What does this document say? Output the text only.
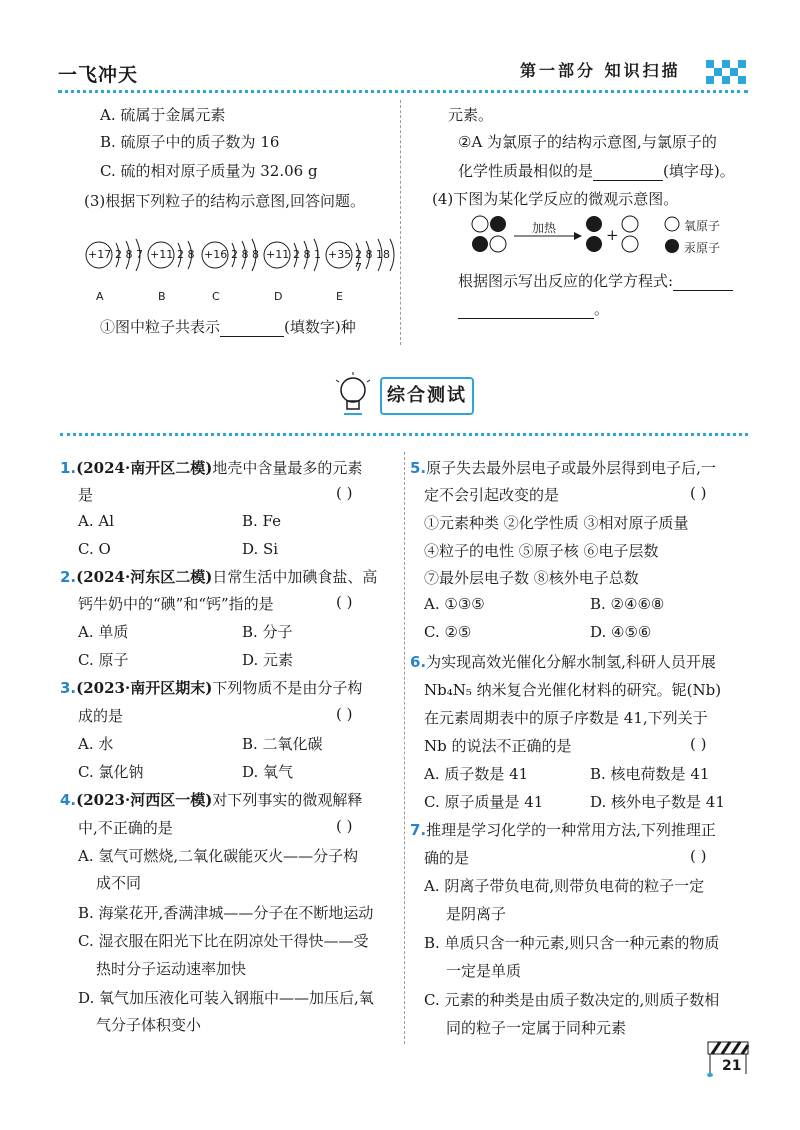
一飞冲天	第一部分 知识扫描
A. 硫属于金属元素
B. 硫原子中的质子数为 16
C. 硫的相对原子质量为 32.06 g
(3)根据下列粒子的结构示意图,回答问题。
+17 2 8 7
A
+11 2 8
B
+16 2 8 8
C
+11 2 8 1
D
+35 2 8 18 7
E
①图中粒子共表示	(填数字)种
元素。
②A 为氯原子的结构示意图,与氯原子的
化学性质最相似的是	(填字母)。
(4)下图为某化学反应的微观示意图。
加热	+	氧原子
汞原子
根据图示写出反应的化学方程式:
。
综合测试
1.(2024·南开区二模)地壳中含量最多的元素
是	( )
A. Al	B. Fe
C. O	D. Si
2.(2024·河东区二模)日常生活中加碘食盐、高
钙牛奶中的“碘”和“钙”指的是	( )
A. 单质	B. 分子
C. 原子	D. 元素
3.(2023·南开区期末)下列物质不是由分子构
成的是	( )
A. 水	B. 二氧化碳
C. 氯化钠	D. 氧气
4.(2023·河西区一模)对下列事实的微观解释
中,不正确的是	( )
A. 氢气可燃烧,二氧化碳能灭火——分子构
成不同
B. 海棠花开,香满津城——分子在不断地运动
C. 湿衣服在阳光下比在阴凉处干得快——受
热时分子运动速率加快
D. 氧气加压液化可装入钢瓶中——加压后,氧
气分子体积变小
5.原子失去最外层电子或最外层得到电子后,一
定不会引起改变的是	( )
①元素种类 ②化学性质 ③相对原子质量
④粒子的电性 ⑤原子核 ⑥电子层数
⑦最外层电子数 ⑧核外电子总数
A. ①③⑤	B. ②④⑥⑧
C. ②⑤	D. ④⑤⑥
6.为实现高效光催化分解水制氢,科研人员开展
Nb₄N₅ 纳米复合光催化材料的研究。铌(Nb)
在元素周期表中的原子序数是 41,下列关于
Nb 的说法不正确的是	( )
A. 质子数是 41	B. 核电荷数是 41
C. 原子质量是 41	D. 核外电子数是 41
7.推理是学习化学的一种常用方法,下列推理正
确的是	( )
A. 阴离子带负电荷,则带负电荷的粒子一定
是阴离子
B. 单质只含一种元素,则只含一种元素的物质
一定是单质
C. 元素的种类是由质子数决定的,则质子数相
同的粒子一定属于同种元素
21
